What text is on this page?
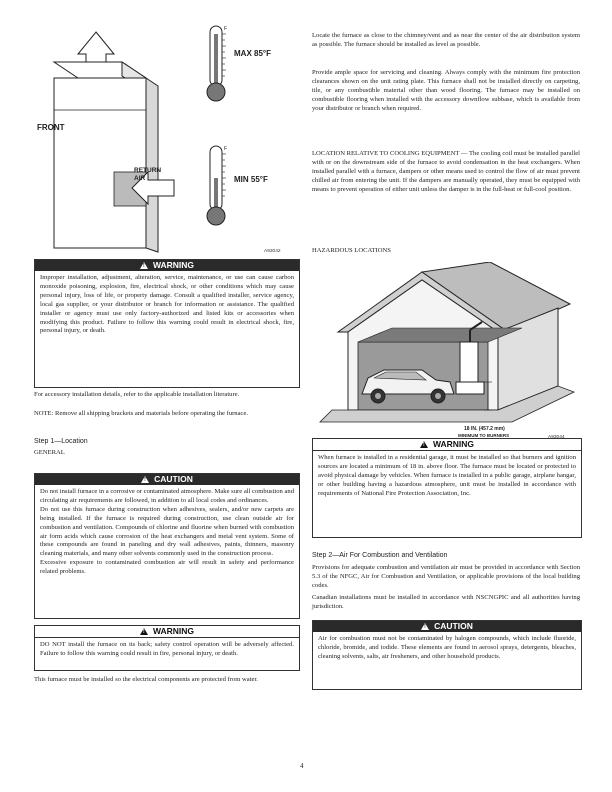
FRONT
RETURN
AIR
F
MAX 85°F
F
MIN 55°F
A93042
!WARNING

Improper installation, adjustment, alteration, service, maintenance, or use can cause carbon monoxide poisoning, explosion, fire, electrical shock, or other conditions which may cause personal injury, loss of life, or property damage. Consult a qualified installer, service agency, local gas supplier, or your distributor or branch for information or assistance. The qualified installer or agency must use only factory-authorized and listed kits or accessories when modifying this product. Failure to follow this warning could result in electrical shock, fire, personal injury, or death.

For accessory installation details, refer to the applicable installation literature.

NOTE: Remove all shipping brackets and materials before operating the furnace.

Step 1—Location

GENERAL

!CAUTION

Do not install furnace in a corrosive or contaminated atmosphere. Make sure all combustion and circulating air requirements are followed, in addition to all local codes and ordinances.

Do not use this furnace during construction when adhesives, sealers, and/or new carpets are being installed. If the furnace is required during construction, use clean outside air for combustion and ventilation. Compounds of chlorine and fluorine when burned with combustion air form acids which cause corrosion of the heat exchangers and metal vent system. Some of these compounds are found in paneling and dry wall adhesives, paints, thinners, masonry cleaning materials, and many other solvents commonly used in the construction process.

Excessive exposure to contaminated combustion air will result in safety and performance related problems.

!WARNING

DO NOT install the furnace on its back; safety control operation will be adversely affected. Failure to follow this warning could result in fire, personal injury, or death.

This furnace must be installed so the electrical components are protected from water.

Locate the furnace as close to the chimney/vent and as near the center of the air distribution system as possible. The furnace should be installed as level as possible.

Provide ample space for servicing and cleaning. Always comply with the minimum fire protection clearances shown on the unit rating plate. This furnace shall not be installed directly on carpeting, tile, or any combustible material other than wood flooring. The furnace may be installed on combustible flooring when installed with the accessory downflow subbase, which is available from your distributor or branch when required.

LOCATION RELATIVE TO COOLING EQUIPMENT — The cooling coil must be installed parallel with or on the downstream side of the furnace to avoid condensation in the heat exchangers. When installed parallel with a furnace, dampers or other means used to control the flow of air must prevent chilled air from entering the unit. If the dampers are manually operated, they must be equipped with means to prevent operation of either unit unless the damper is in the full-heat or full-cool position.

HAZARDOUS LOCATIONS

18 IN. (457.2 mm)
MINIMUM TO BURNERS
!WARNING

When furnace is installed in a residential garage, it must be installed so that burners and ignition sources are located a minimum of 18 in. above floor. The furnace must be located or protected to avoid physical damage by vehicles. When furnace is installed in a public garage, airplane hangar, or other building having a hazardous atmosphere, unit must be installed in accordance with requirements of National Fire Protection Association, Inc.

Step 2—Air For Combustion and Ventilation

Provisions for adequate combustion and ventilation air must be provided in accordance with Section 5.3 of the NFGC, Air for Combustion and Ventilation, or applicable provisions of the local building codes.

Canadian installations must be installed in accordance with NSCNGPIC and all authorities having jurisdiction.

!CAUTION

Air for combustion must not be contaminated by halogen compounds, which include fluoride, chloride, bromide, and iodide. These elements are found in aerosol sprays, detergents, bleaches, cleaning solvents, salts, air fresheners, and other household products.

4
